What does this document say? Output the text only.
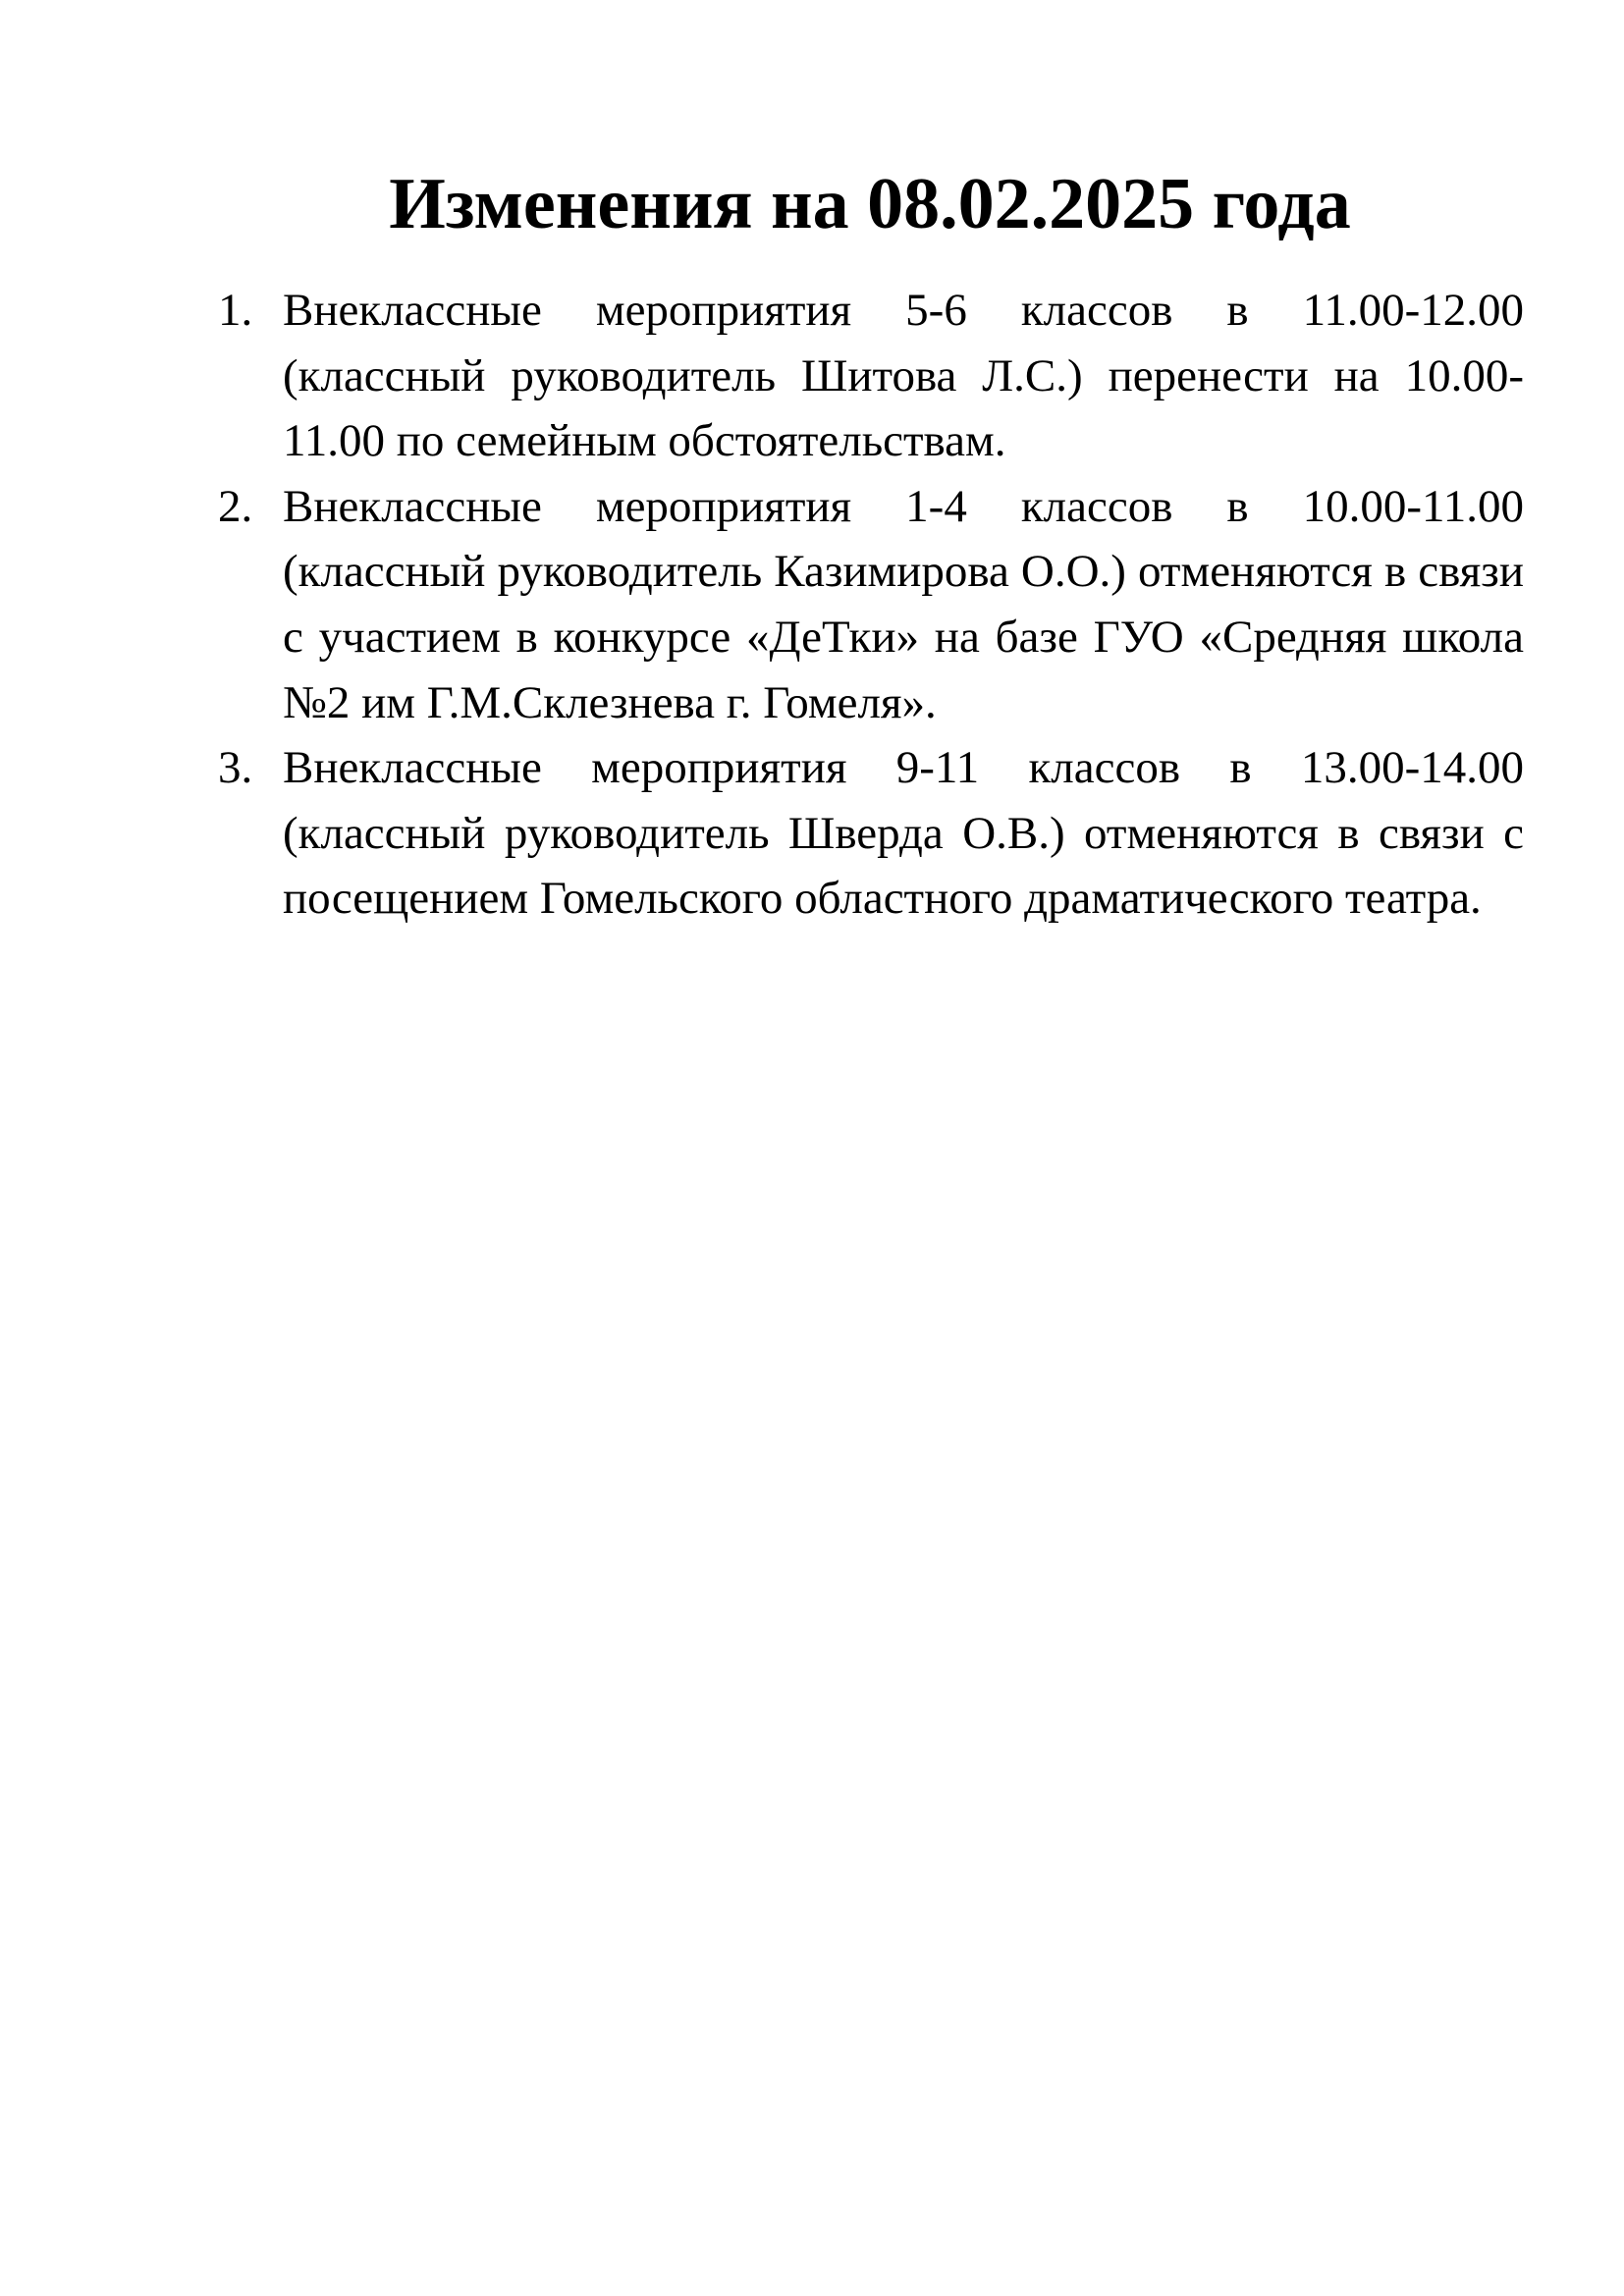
Изменения на 08.02.2025 года
1. Внеклассные мероприятия 5-6 классов в 11.00-12.00 (классный руководитель Шитова Л.С.) перенести на 10.00-11.00 по семейным обстоятельствам.
2. Внеклассные мероприятия 1-4 классов в 10.00-11.00 (классный руководитель Казимирова О.О.) отменяются в связи с участием в конкурсе «ДеТки» на базе ГУО «Средняя школа №2 им Г.М.Склезнева г. Гомеля».
3. Внеклассные мероприятия 9-11 классов в 13.00-14.00 (классный руководитель Шверда О.В.) отменяются в связи с посещением Гомельского областного драматического театра.
